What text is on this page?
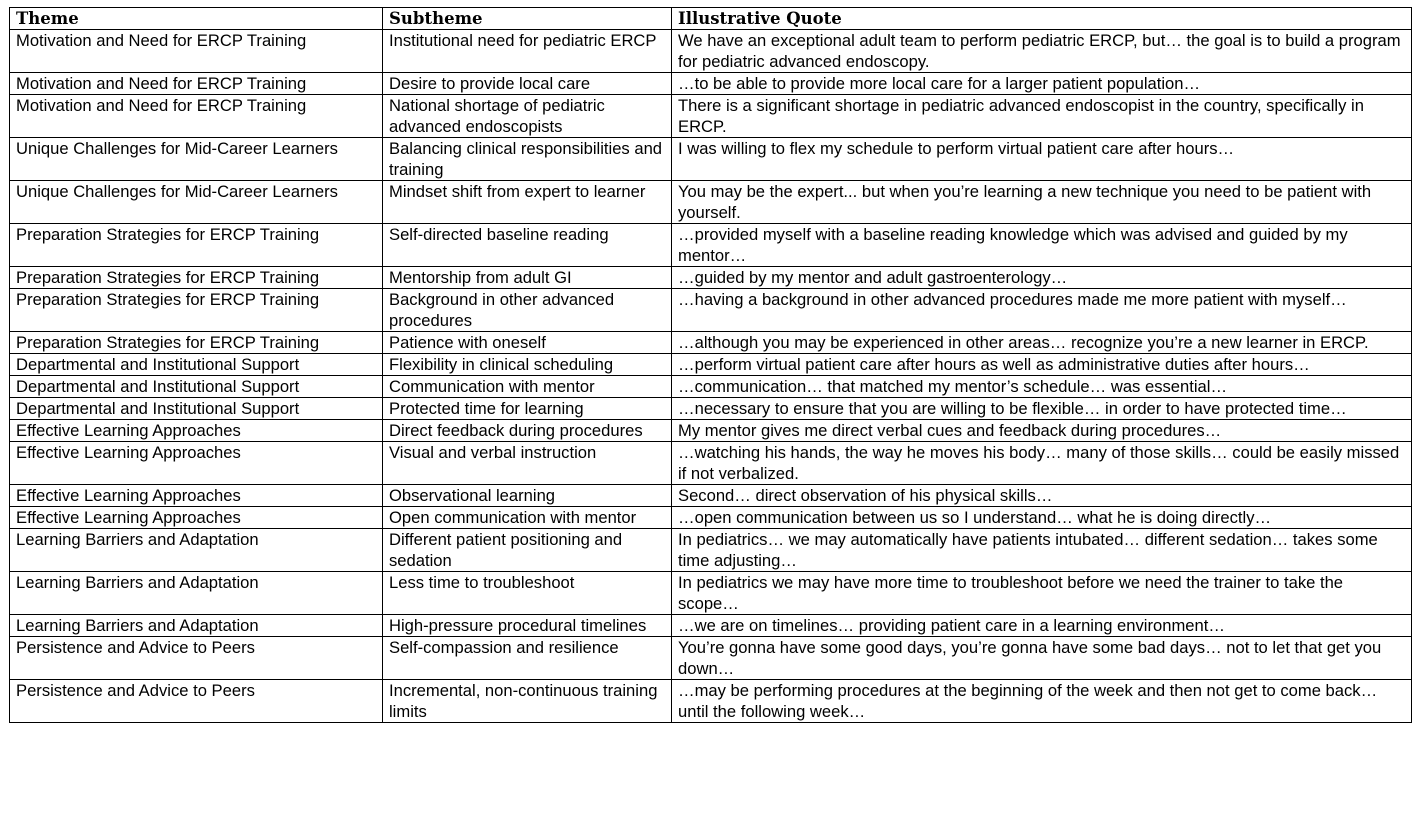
Theme	Subtheme	Illustrative Quote
Motivation and Need for ERCP Training	Institutional need for pediatric ERCP	We have an exceptional adult team to perform pediatric ERCP, but… the goal is to build a program for pediatric advanced endoscopy.
Motivation and Need for ERCP Training	Desire to provide local care	…to be able to provide more local care for a larger patient population…
Motivation and Need for ERCP Training	National shortage of pediatric advanced endoscopists	There is a significant shortage in pediatric advanced endoscopist in the country, specifically in ERCP.
Unique Challenges for Mid-Career Learners	Balancing clinical responsibilities and training	I was willing to flex my schedule to perform virtual patient care after hours…
Unique Challenges for Mid-Career Learners	Mindset shift from expert to learner	You may be the expert... but when you’re learning a new technique you need to be patient with yourself.
Preparation Strategies for ERCP Training	Self-directed baseline reading	…provided myself with a baseline reading knowledge which was advised and guided by my mentor…
Preparation Strategies for ERCP Training	Mentorship from adult GI	…guided by my mentor and adult gastroenterology…
Preparation Strategies for ERCP Training	Background in other advanced procedures	…having a background in other advanced procedures made me more patient with myself…
Preparation Strategies for ERCP Training	Patience with oneself	…although you may be experienced in other areas… recognize you’re a new learner in ERCP.
Departmental and Institutional Support	Flexibility in clinical scheduling	…perform virtual patient care after hours as well as administrative duties after hours…
Departmental and Institutional Support	Communication with mentor	…communication… that matched my mentor’s schedule… was essential…
Departmental and Institutional Support	Protected time for learning	…necessary to ensure that you are willing to be flexible… in order to have protected time…
Effective Learning Approaches	Direct feedback during procedures	My mentor gives me direct verbal cues and feedback during procedures…
Effective Learning Approaches	Visual and verbal instruction	…watching his hands, the way he moves his body… many of those skills… could be easily missed if not verbalized.
Effective Learning Approaches	Observational learning	Second… direct observation of his physical skills…
Effective Learning Approaches	Open communication with mentor	…open communication between us so I understand… what he is doing directly…
Learning Barriers and Adaptation	Different patient positioning and sedation	In pediatrics… we may automatically have patients intubated… different sedation… takes some time adjusting…
Learning Barriers and Adaptation	Less time to troubleshoot	In pediatrics we may have more time to troubleshoot before we need the trainer to take the scope…
Learning Barriers and Adaptation	High-pressure procedural timelines	…we are on timelines… providing patient care in a learning environment…
Persistence and Advice to Peers	Self-compassion and resilience	You’re gonna have some good days, you’re gonna have some bad days… not to let that get you down…
Persistence and Advice to Peers	Incremental, non-continuous training limits	…may be performing procedures at the beginning of the week and then not get to come back… until the following week…
